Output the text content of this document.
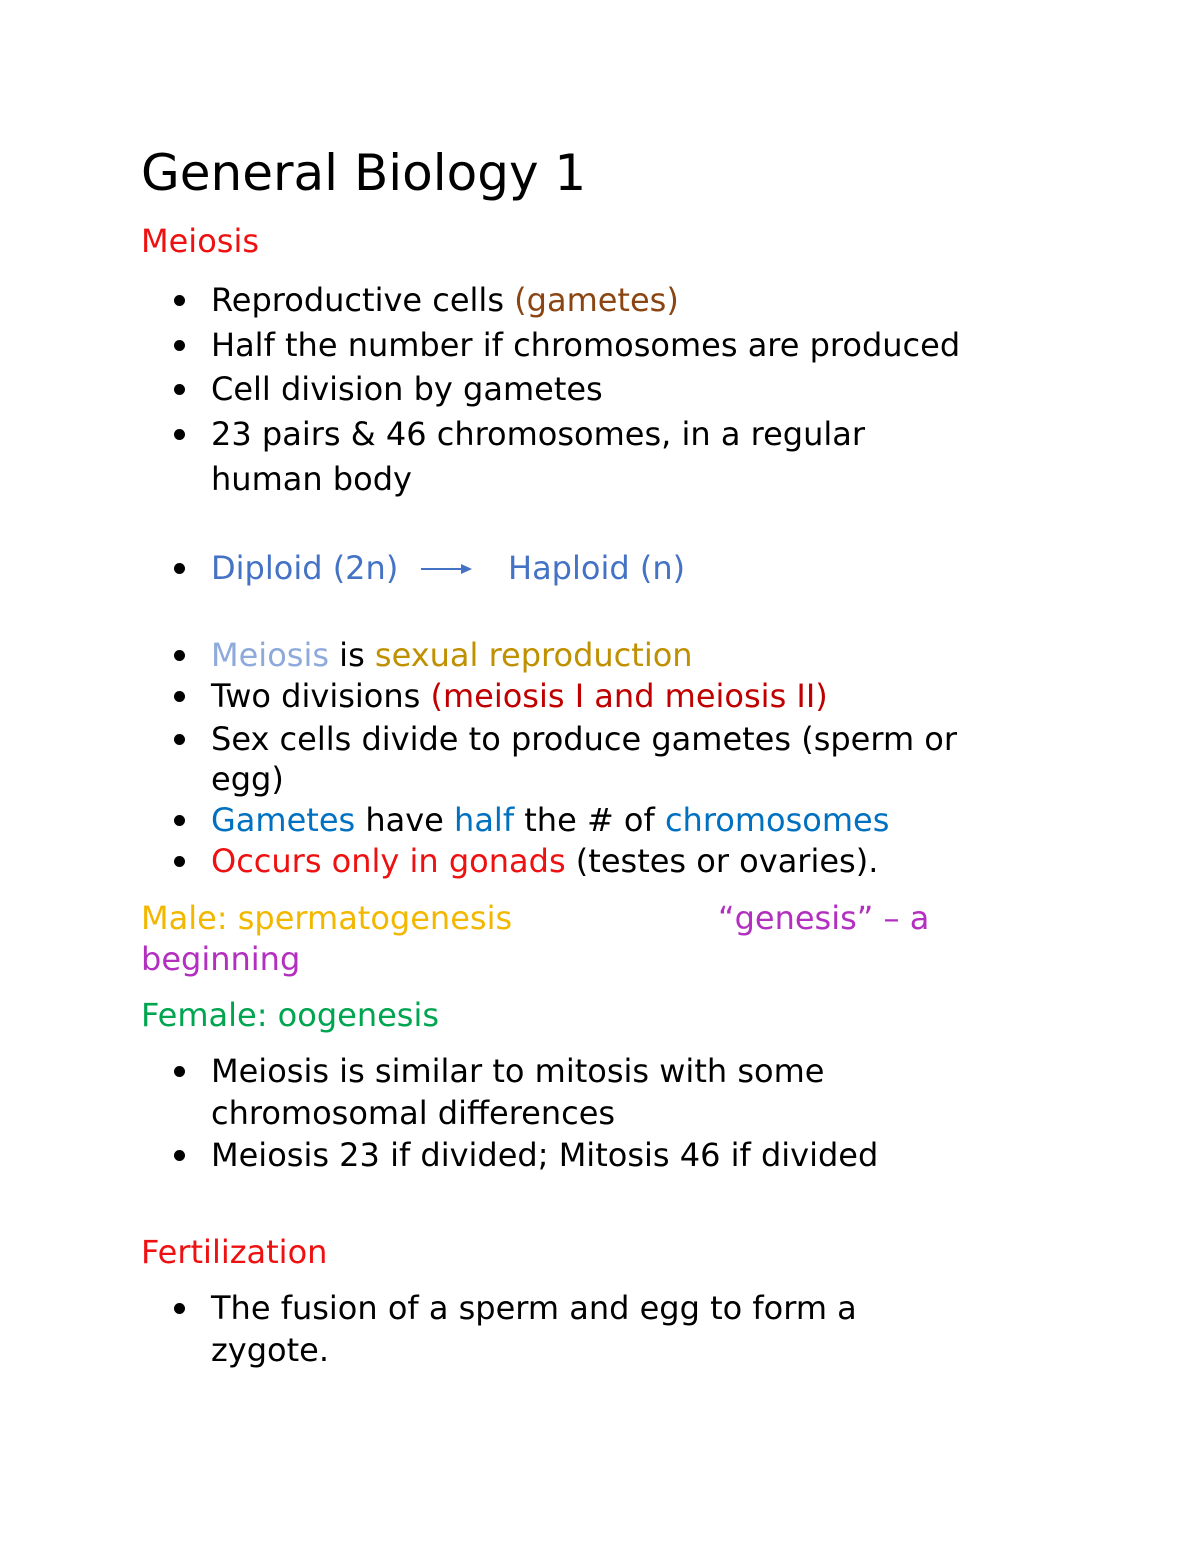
General Biology 1
Meiosis
Reproductive cells (gametes)
Half the number if chromosomes are produced
Cell division by gametes
23 pairs & 46 chromosomes, in a regular
human body
Diploid (2n)	Haploid (n)
Meiosis is sexual reproduction
Two divisions (meiosis I and meiosis II)
Sex cells divide to produce gametes (sperm or
egg)
Gametes have half the # of chromosomes
Occurs only in gonads (testes or ovaries).
Male: spermatogenesis	“genesis” – a
beginning
Female: oogenesis
Meiosis is similar to mitosis with some
chromosomal differences
Meiosis 23 if divided; Mitosis 46 if divided
Fertilization
The fusion of a sperm and egg to form a
zygote.
